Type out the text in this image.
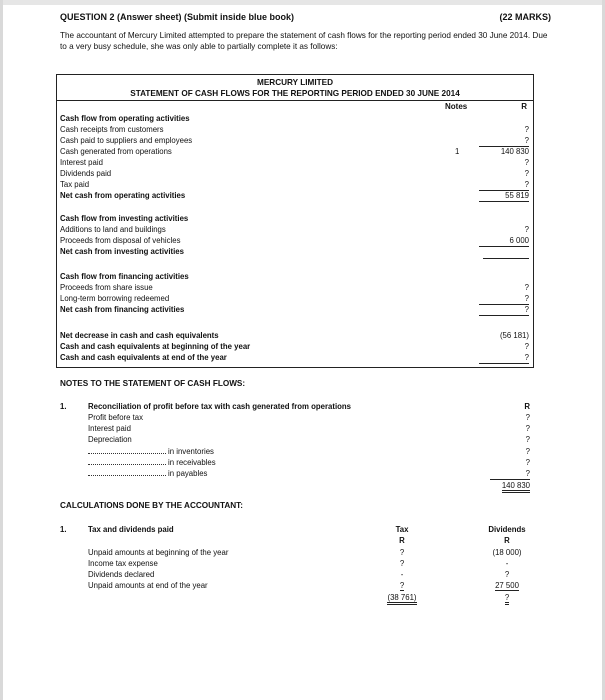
QUESTION 2 (Answer sheet) (Submit inside blue book)	(22 MARKS)
The accountant of Mercury Limited attempted to prepare the statement of cash flows for the reporting period ended 30 June 2014. Due to a very busy schedule, she was only able to partially complete it as follows:
MERCURY LIMITED
STATEMENT OF CASH FLOWS FOR THE REPORTING PERIOD ENDED 30 JUNE 2014
Notes	R
Cash flow from operating activities
Cash receipts from customers	?
Cash paid to suppliers and employees	?
Cash generated from operations	1	140 830
Interest paid	?
Dividends paid	?
Tax paid	?
Net cash from operating activities	55 819
Cash flow from investing activities
Additions to land and buildings	?
Proceeds from disposal of vehicles	6 000
Net cash from investing activities
Cash flow from financing activities
Proceeds from share issue	?
Long-term borrowing redeemed	?
Net cash from financing activities	?
Net decrease in cash and cash equivalents	(56 181)
Cash and cash equivalents at beginning of the year	?
Cash and cash equivalents at end of the year	?
NOTES TO THE STATEMENT OF CASH FLOWS:
1.	Reconciliation of profit before tax with cash generated from operations	R
Profit before tax	?
Interest paid	?
Depreciation	?
in inventories	?
in receivables	?
in payables	?
140 830
CALCULATIONS DONE BY THE ACCOUNTANT:
1.	Tax and dividends paid	Tax	Dividends
R	R
Unpaid amounts at beginning of the year	?	(18 000)
Income tax expense	?	-
Dividends declared	-	?
Unpaid amounts at end of the year	?	27 500
(38 761)	?
